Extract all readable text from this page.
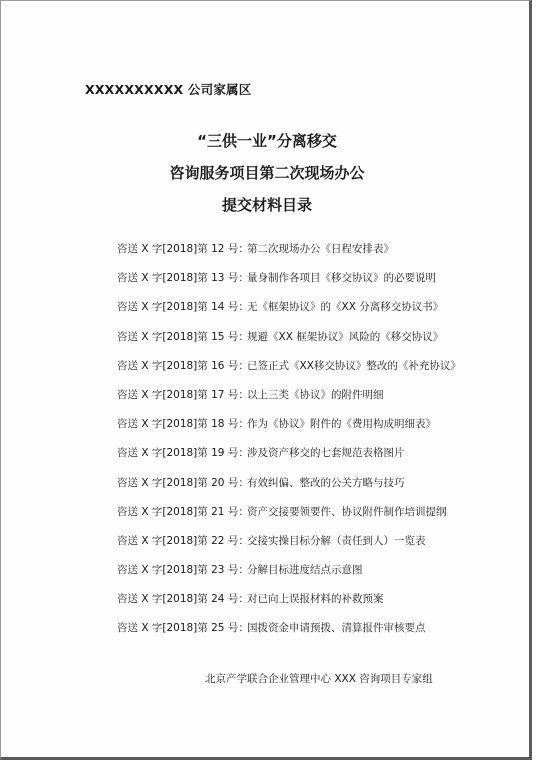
XXXXXXXXXX 公司家属区
“三供一业”分离移交
咨询服务项目第二次现场办公
提交材料目录
咨送 X 字[2018]第 12 号：第二次现场办公《日程安排表》
咨送 X 字[2018]第 13 号：量身制作各项目《移交协议》的必要说明
咨送 X 字[2018]第 14 号：无《框架协议》的《XX 分离移交协议书》
咨送 X 字[2018]第 15 号：规避《XX 框架协议》风险的《移交协议》
咨送 X 字[2018]第 16 号：已签正式《XX移交协议》整改的《补充协议》
咨送 X 字[2018]第 17 号：以上三类《协议》的附件明细
咨送 X 字[2018]第 18 号：作为《协议》附件的《费用构成明细表》
咨送 X 字[2018]第 19 号：涉及资产移交的七套规范表格图片
咨送 X 字[2018]第 20 号：有效纠偏、整改的公关方略与技巧
咨送 X 字[2018]第 21 号：资产交接要领要件、协议附件制作培训提纲
咨送 X 字[2018]第 22 号：交接实操目标分解（责任到人）一览表
咨送 X 字[2018]第 23 号：分解目标进度结点示意图
咨送 X 字[2018]第 24 号：对已向上误报材料的补救预案
咨送 X 字[2018]第 25 号：国拨资金申请预拨、清算报件审核要点
北京产学联合企业管理中心 XXX 咨询项目专家组
